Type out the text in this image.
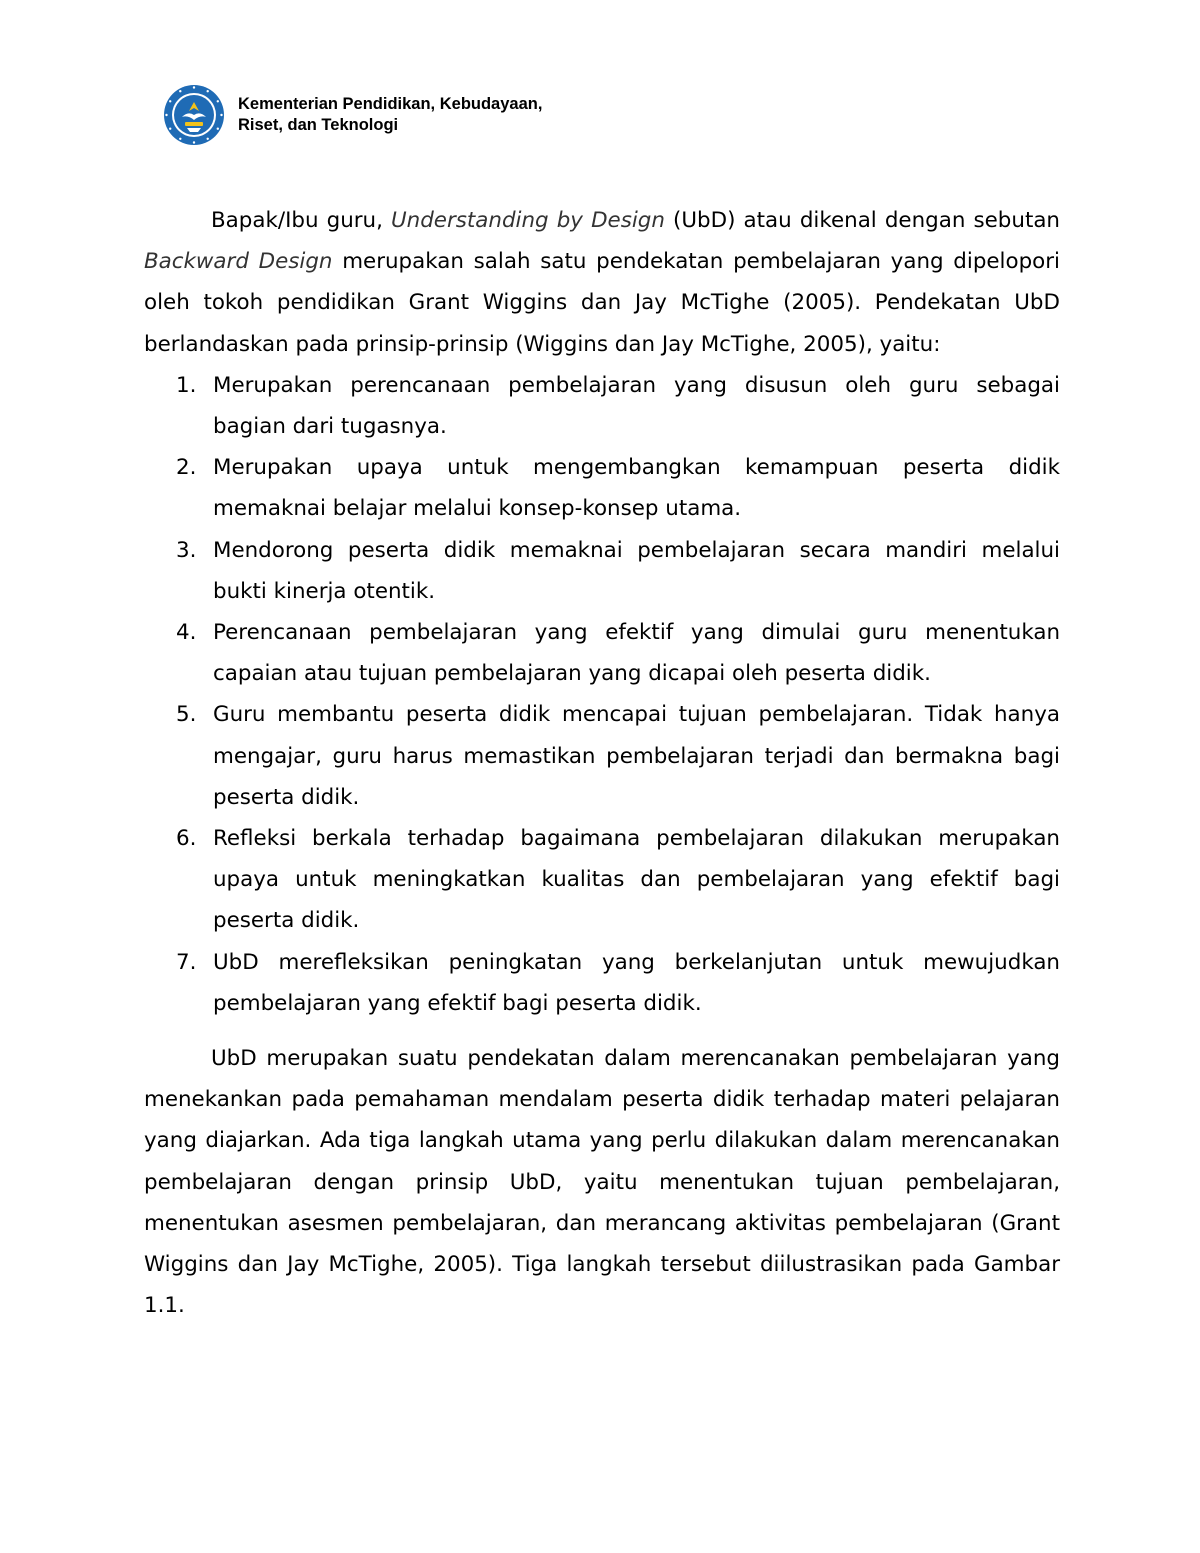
Kementerian Pendidikan, Kebudayaan,
Riset, dan Teknologi

Bapak/Ibu guru, Understanding by Design (UbD) atau dikenal dengan sebutan Backward Design merupakan salah satu pendekatan pembelajaran yang dipelopori oleh tokoh pendidikan Grant Wiggins dan Jay McTighe (2005). Pendekatan UbD berlandaskan pada prinsip-prinsip (Wiggins dan Jay McTighe, 2005), yaitu:

1. Merupakan perencanaan pembelajaran yang disusun oleh guru sebagai bagian dari tugasnya.
2. Merupakan upaya untuk mengembangkan kemampuan peserta didik memaknai belajar melalui konsep-konsep utama.
3. Mendorong peserta didik memaknai pembelajaran secara mandiri melalui bukti kinerja otentik.
4. Perencanaan pembelajaran yang efektif yang dimulai guru menentukan capaian atau tujuan pembelajaran yang dicapai oleh peserta didik.
5. Guru membantu peserta didik mencapai tujuan pembelajaran. Tidak hanya mengajar, guru harus memastikan pembelajaran terjadi dan bermakna bagi peserta didik.
6. Refleksi berkala terhadap bagaimana pembelajaran dilakukan merupakan upaya untuk meningkatkan kualitas dan pembelajaran yang efektif bagi peserta didik.
7. UbD merefleksikan peningkatan yang berkelanjutan untuk mewujudkan pembelajaran yang efektif bagi peserta didik.

UbD merupakan suatu pendekatan dalam merencanakan pembelajaran yang menekankan pada pemahaman mendalam peserta didik terhadap materi pelajaran yang diajarkan. Ada tiga langkah utama yang perlu dilakukan dalam merencanakan pembelajaran dengan prinsip UbD, yaitu menentukan tujuan pembelajaran, menentukan asesmen pembelajaran, dan merancang aktivitas pembelajaran (Grant Wiggins dan Jay McTighe, 2005). Tiga langkah tersebut diilustrasikan pada Gambar 1.1.
